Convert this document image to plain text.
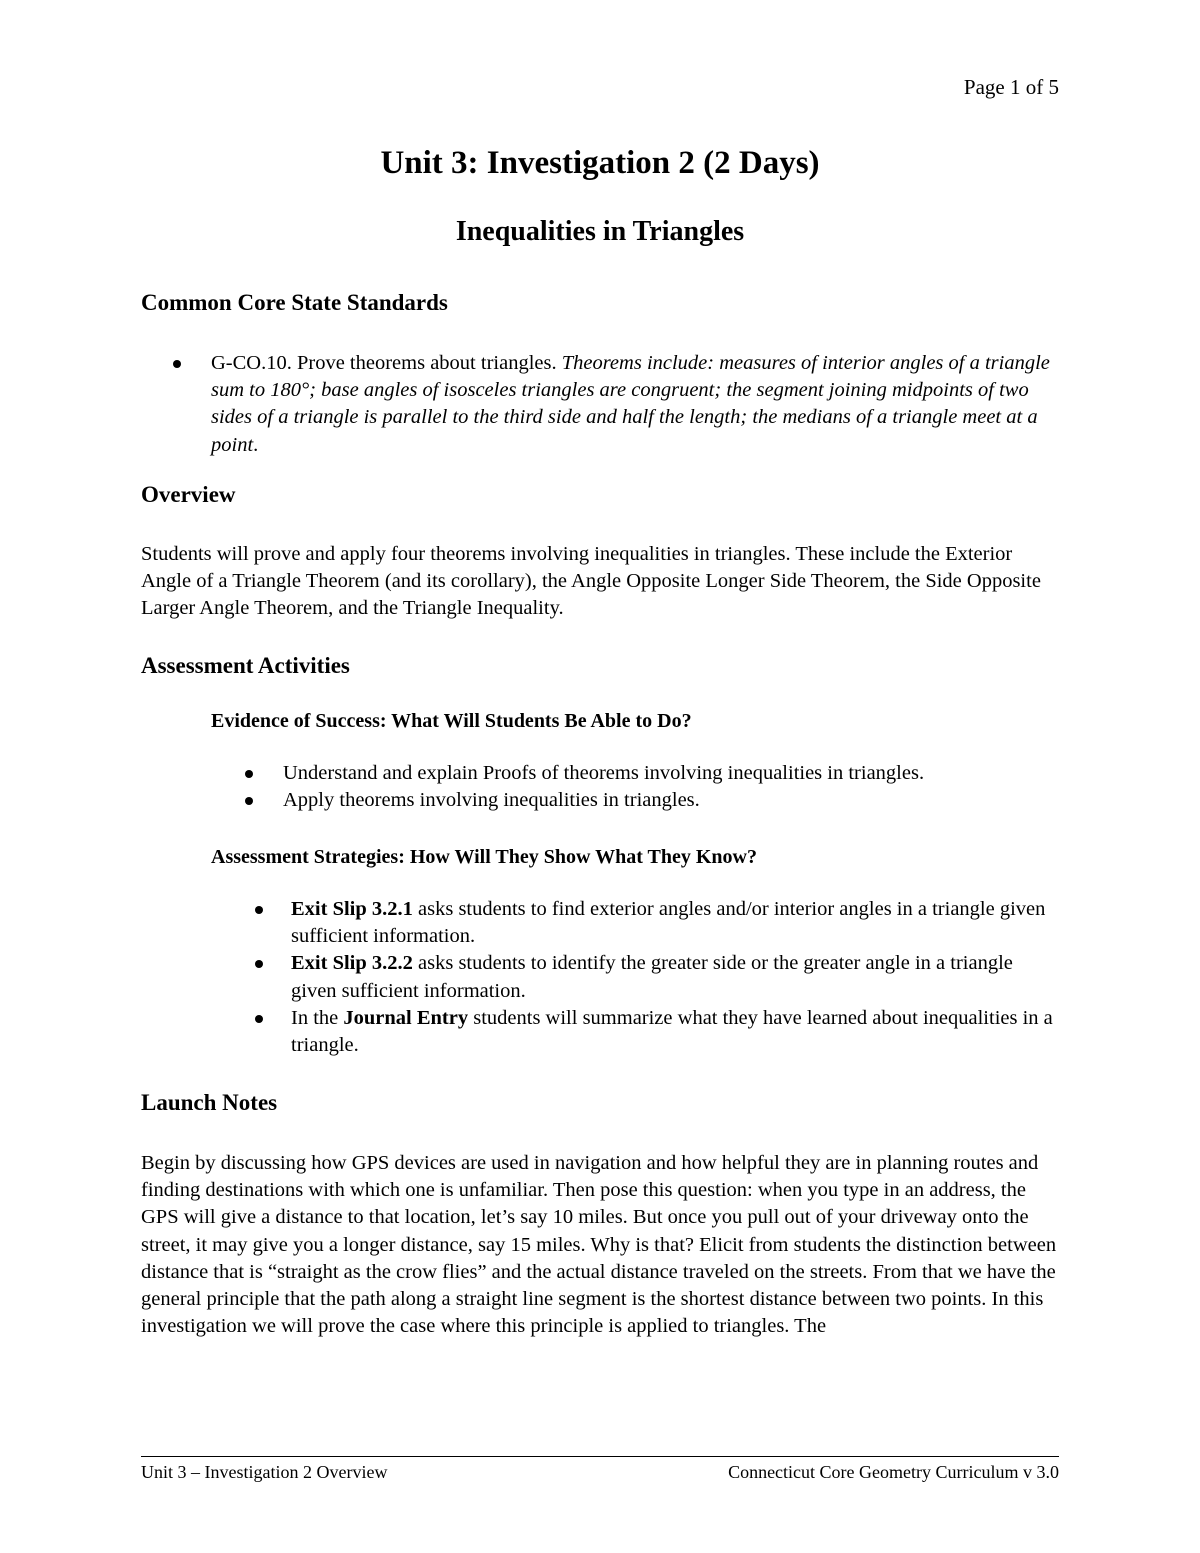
Page 1 of 5
Unit 3: Investigation 2 (2 Days)
Inequalities in Triangles
Common Core State Standards
G-CO.10. Prove theorems about triangles. Theorems include: measures of interior angles of a triangle sum to 180°; base angles of isosceles triangles are congruent; the segment joining midpoints of two sides of a triangle is parallel to the third side and half the length; the medians of a triangle meet at a point.
Overview
Students will prove and apply four theorems involving inequalities in triangles. These include the Exterior Angle of a Triangle Theorem (and its corollary), the Angle Opposite Longer Side Theorem, the Side Opposite Larger Angle Theorem, and the Triangle Inequality.
Assessment Activities
Evidence of Success: What Will Students Be Able to Do?
Understand and explain Proofs of theorems involving inequalities in triangles.
Apply theorems involving inequalities in triangles.
Assessment Strategies: How Will They Show What They Know?
Exit Slip 3.2.1 asks students to find exterior angles and/or interior angles in a triangle given sufficient information.
Exit Slip 3.2.2 asks students to identify the greater side or the greater angle in a triangle given sufficient information.
In the Journal Entry students will summarize what they have learned about inequalities in a triangle.
Launch Notes
Begin by discussing how GPS devices are used in navigation and how helpful they are in planning routes and finding destinations with which one is unfamiliar. Then pose this question: when you type in an address, the GPS will give a distance to that location, let’s say 10 miles. But once you pull out of your driveway onto the street, it may give you a longer distance, say 15 miles. Why is that? Elicit from students the distinction between distance that is “straight as the crow flies” and the actual distance traveled on the streets. From that we have the general principle that the path along a straight line segment is the shortest distance between two points. In this investigation we will prove the case where this principle is applied to triangles. The
Unit 3 – Investigation 2 Overview	Connecticut Core Geometry Curriculum v 3.0
